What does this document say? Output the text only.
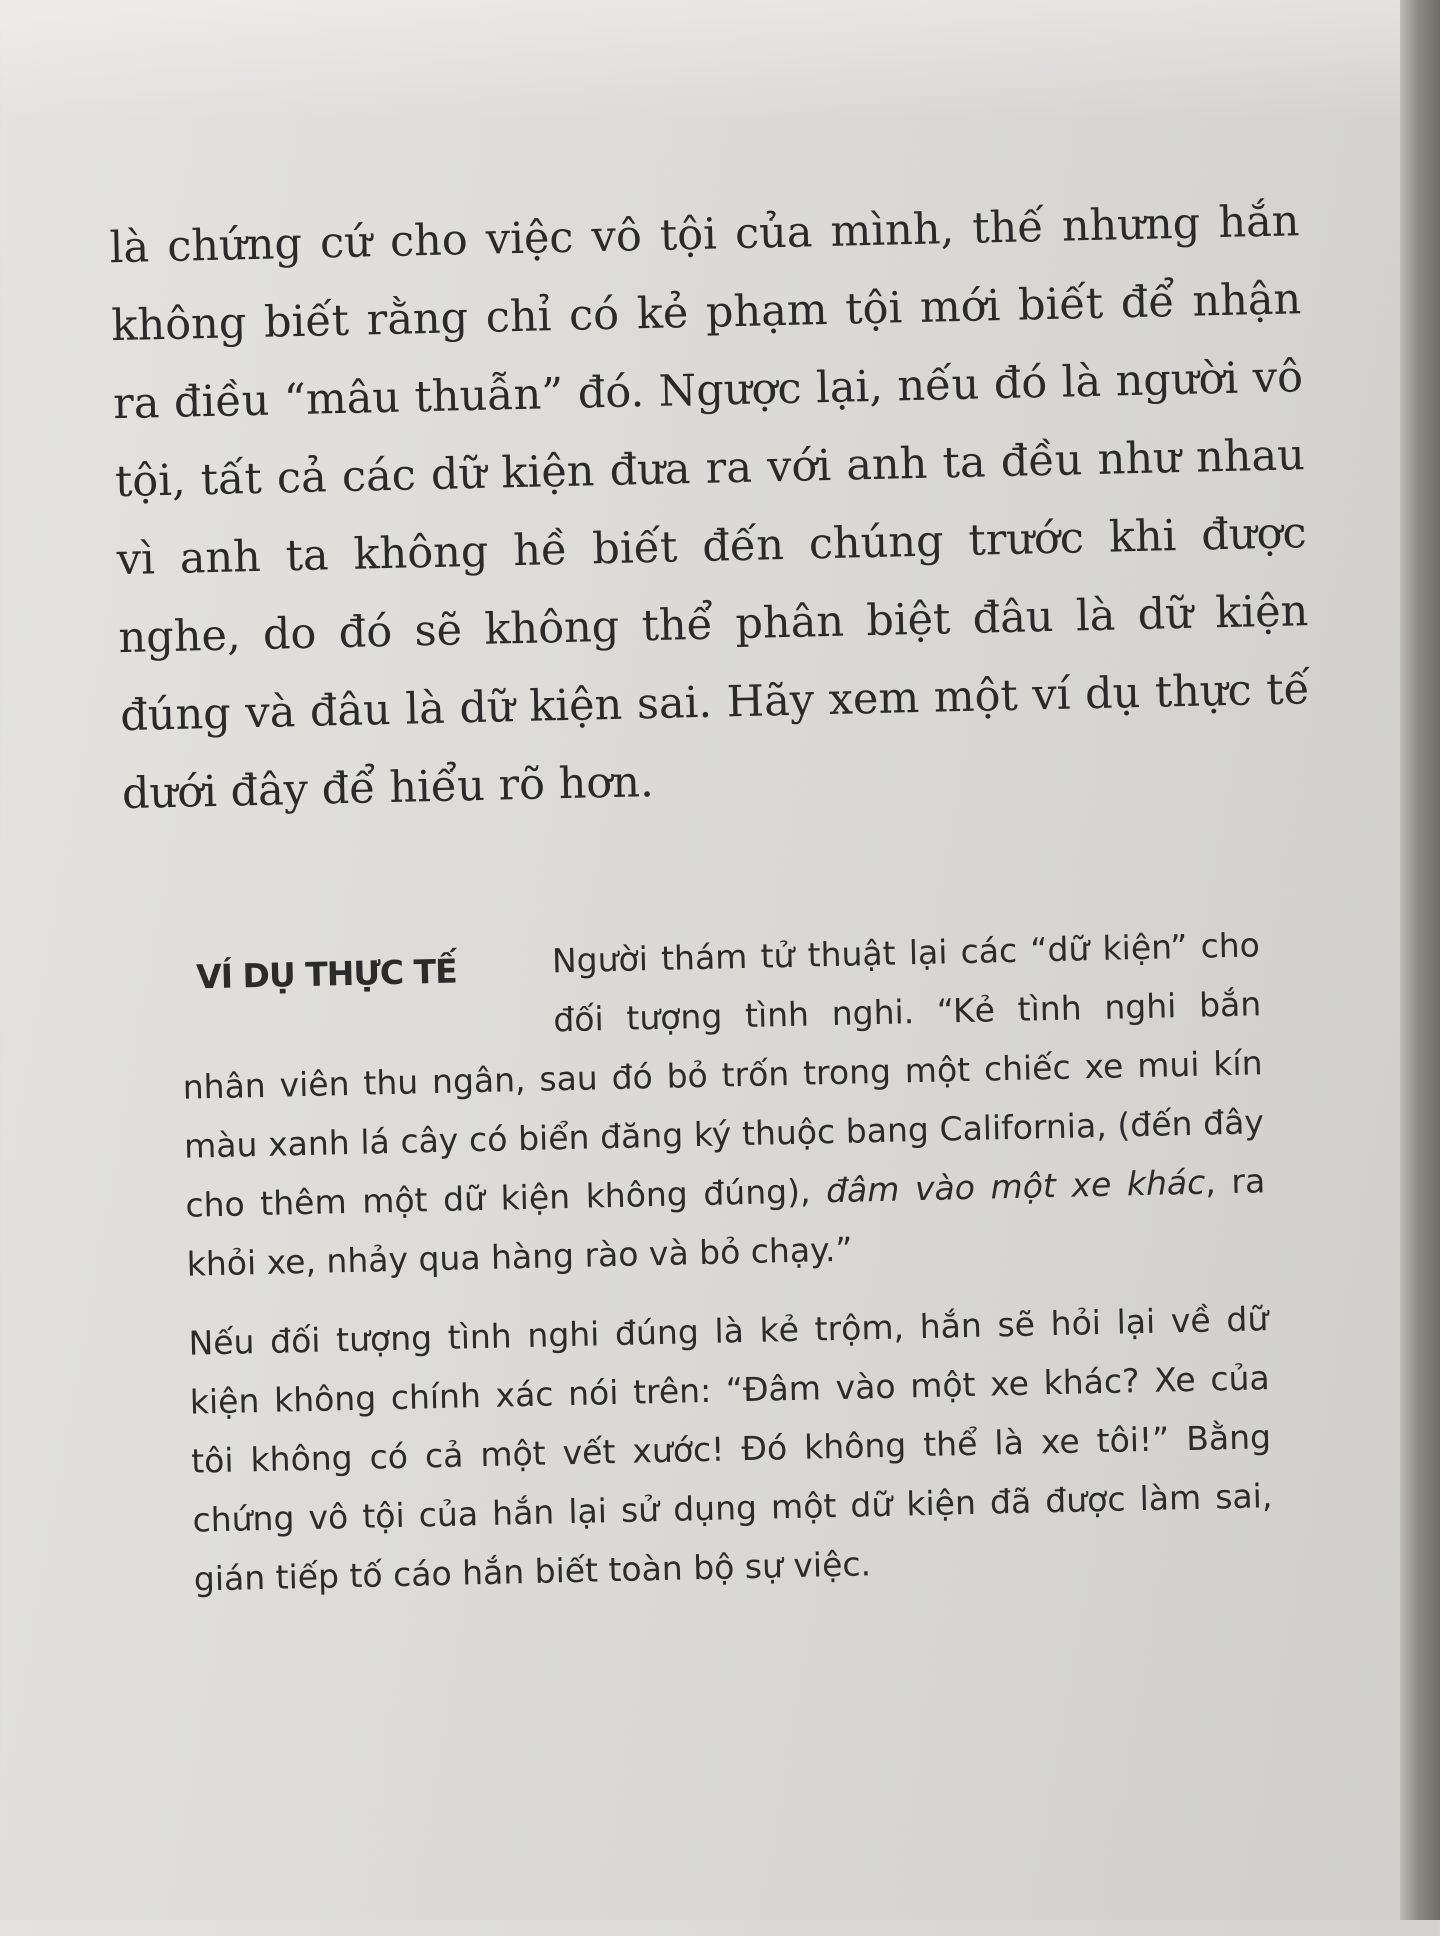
là chứng cứ cho việc vô tội của mình, thế nhưng hắn không biết rằng chỉ có kẻ phạm tội mới biết để nhận ra điều “mâu thuẫn” đó. Ngược lại, nếu đó là người vô tội, tất cả các dữ kiện đưa ra với anh ta đều như nhau vì anh ta không hề biết đến chúng trước khi được nghe, do đó sẽ không thể phân biệt đâu là dữ kiện đúng và đâu là dữ kiện sai. Hãy xem một ví dụ thực tế dưới đây để hiểu rõ hơn.

VÍ DỤ THỰC TẾ	Người thám tử thuật lại các “dữ kiện” cho đối tượng tình nghi. “Kẻ tình nghi bắn nhân viên thu ngân, sau đó bỏ trốn trong một chiếc xe mui kín màu xanh lá cây có biển đăng ký thuộc bang California, (đến đây cho thêm một dữ kiện không đúng), đâm vào một xe khác, ra khỏi xe, nhảy qua hàng rào và bỏ chạy.”

Nếu đối tượng tình nghi đúng là kẻ trộm, hắn sẽ hỏi lại về dữ kiện không chính xác nói trên: “Đâm vào một xe khác? Xe của tôi không có cả một vết xước! Đó không thể là xe tôi!” Bằng chứng vô tội của hắn lại sử dụng một dữ kiện đã được làm sai, gián tiếp tố cáo hắn biết toàn bộ sự việc.
